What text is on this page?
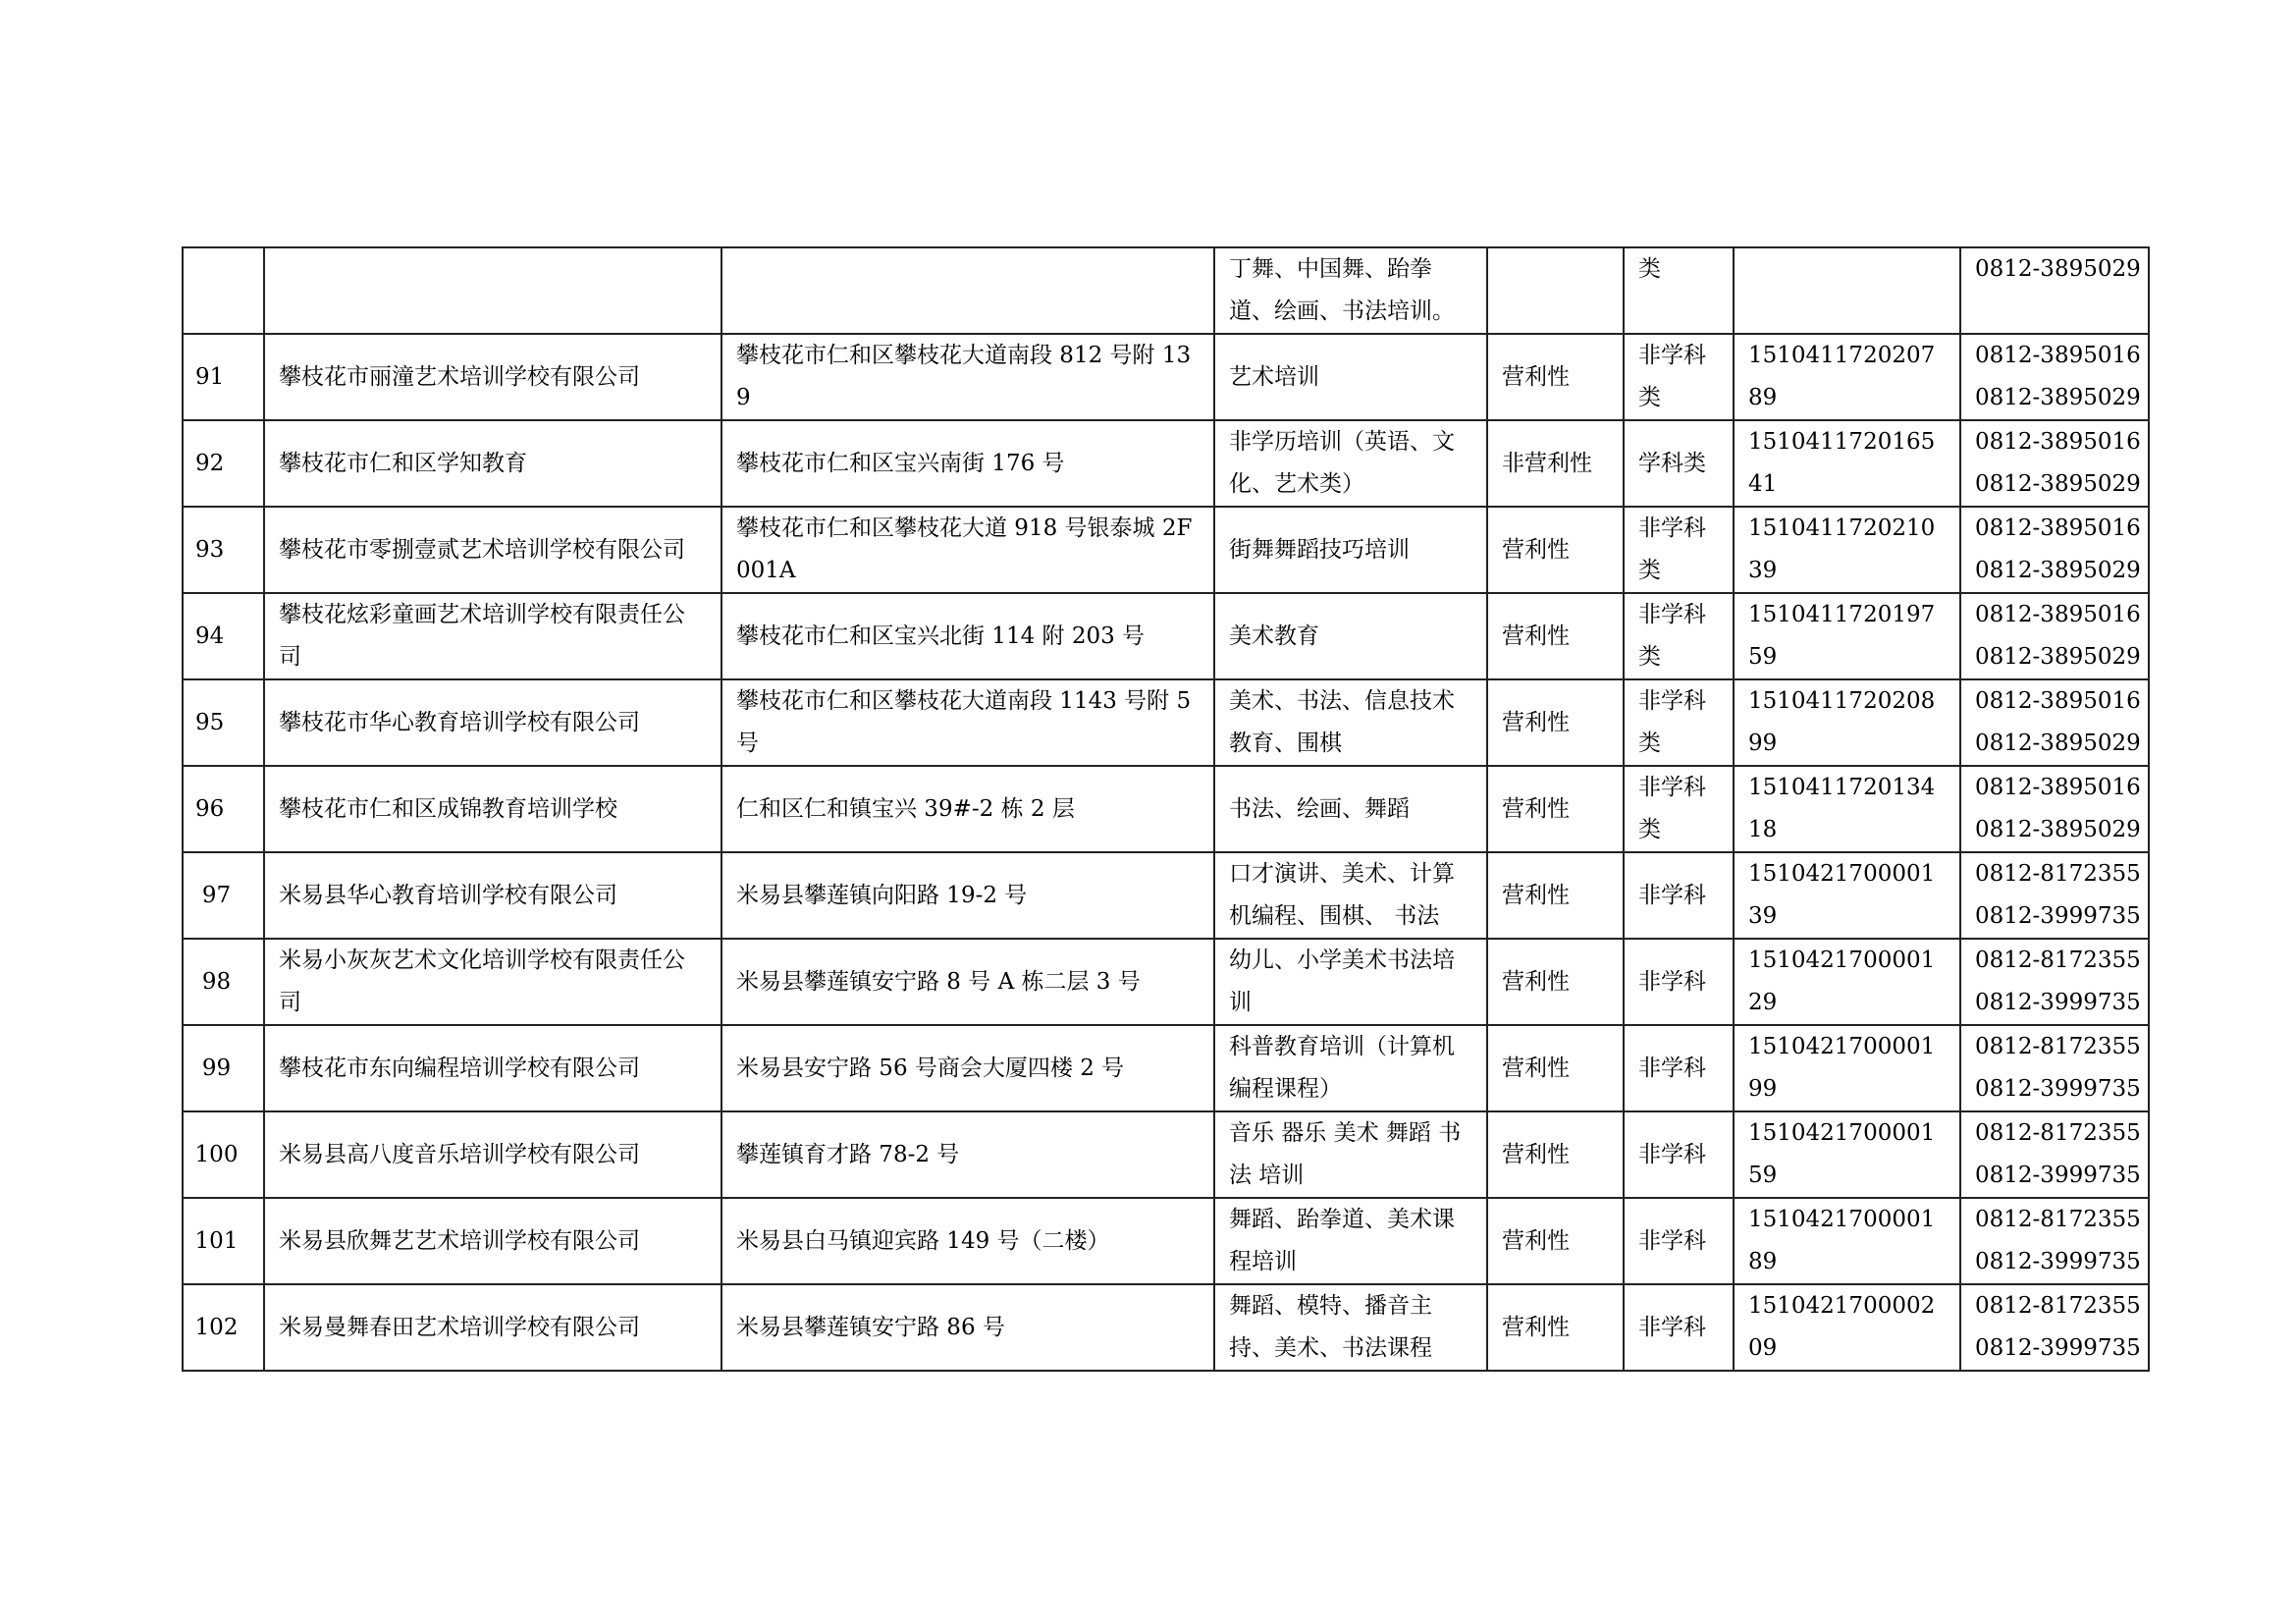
			丁舞、中国舞、跆拳道、绘画、书法培训。		类		0812-3895029

91	攀枝花市丽潼艺术培训学校有限公司	攀枝花市仁和区攀枝花大道南段 812 号附 139	艺术培训	营利性	非学科类	151041172020789	0812-3895016
0812-3895029

92	攀枝花市仁和区学知教育	攀枝花市仁和区宝兴南街 176 号	非学历培训（英语、文化、艺术类）	非营利性	学科类	151041172016541	0812-3895016
0812-3895029

93	攀枝花市零捌壹贰艺术培训学校有限公司	攀枝花市仁和区攀枝花大道 918 号银泰城 2F001A	街舞舞蹈技巧培训	营利性	非学科类	151041172021039	0812-3895016
0812-3895029

94	攀枝花炫彩童画艺术培训学校有限责任公司	攀枝花市仁和区宝兴北街 114 附 203 号	美术教育	营利性	非学科类	151041172019759	0812-3895016
0812-3895029

95	攀枝花市华心教育培训学校有限公司	攀枝花市仁和区攀枝花大道南段 1143 号附 5 号	美术、书法、信息技术教育、围棋	营利性	非学科类	151041172020899	0812-3895016
0812-3895029

96	攀枝花市仁和区成锦教育培训学校	仁和区仁和镇宝兴 39#-2 栋 2 层	书法、绘画、舞蹈	营利性	非学科类	151041172013418	0812-3895016
0812-3895029

97	米易县华心教育培训学校有限公司	米易县攀莲镇向阳路 19-2 号	口才演讲、美术、计算机编程、围棋、 书法	营利性	非学科	151042170000139	0812-8172355
0812-3999735

98	米易小灰灰艺术文化培训学校有限责任公司	米易县攀莲镇安宁路 8 号 A 栋二层 3 号	幼儿、小学美术书法培训	营利性	非学科	151042170000129	0812-8172355
0812-3999735

99	攀枝花市东向编程培训学校有限公司	米易县安宁路 56 号商会大厦四楼 2 号	科普教育培训（计算机编程课程）	营利性	非学科	151042170000199	0812-8172355
0812-3999735

100	米易县高八度音乐培训学校有限公司	攀莲镇育才路 78-2 号	音乐 器乐 美术 舞蹈 书法 培训	营利性	非学科	151042170000159	0812-8172355
0812-3999735

101	米易县欣舞艺艺术培训学校有限公司	米易县白马镇迎宾路 149 号（二楼）	舞蹈、跆拳道、美术课程培训	营利性	非学科	151042170000189	0812-8172355
0812-3999735

102	米易曼舞春田艺术培训学校有限公司	米易县攀莲镇安宁路 86 号	舞蹈、模特、播音主持、美术、书法课程	营利性	非学科	151042170000209	0812-8172355
0812-3999735
